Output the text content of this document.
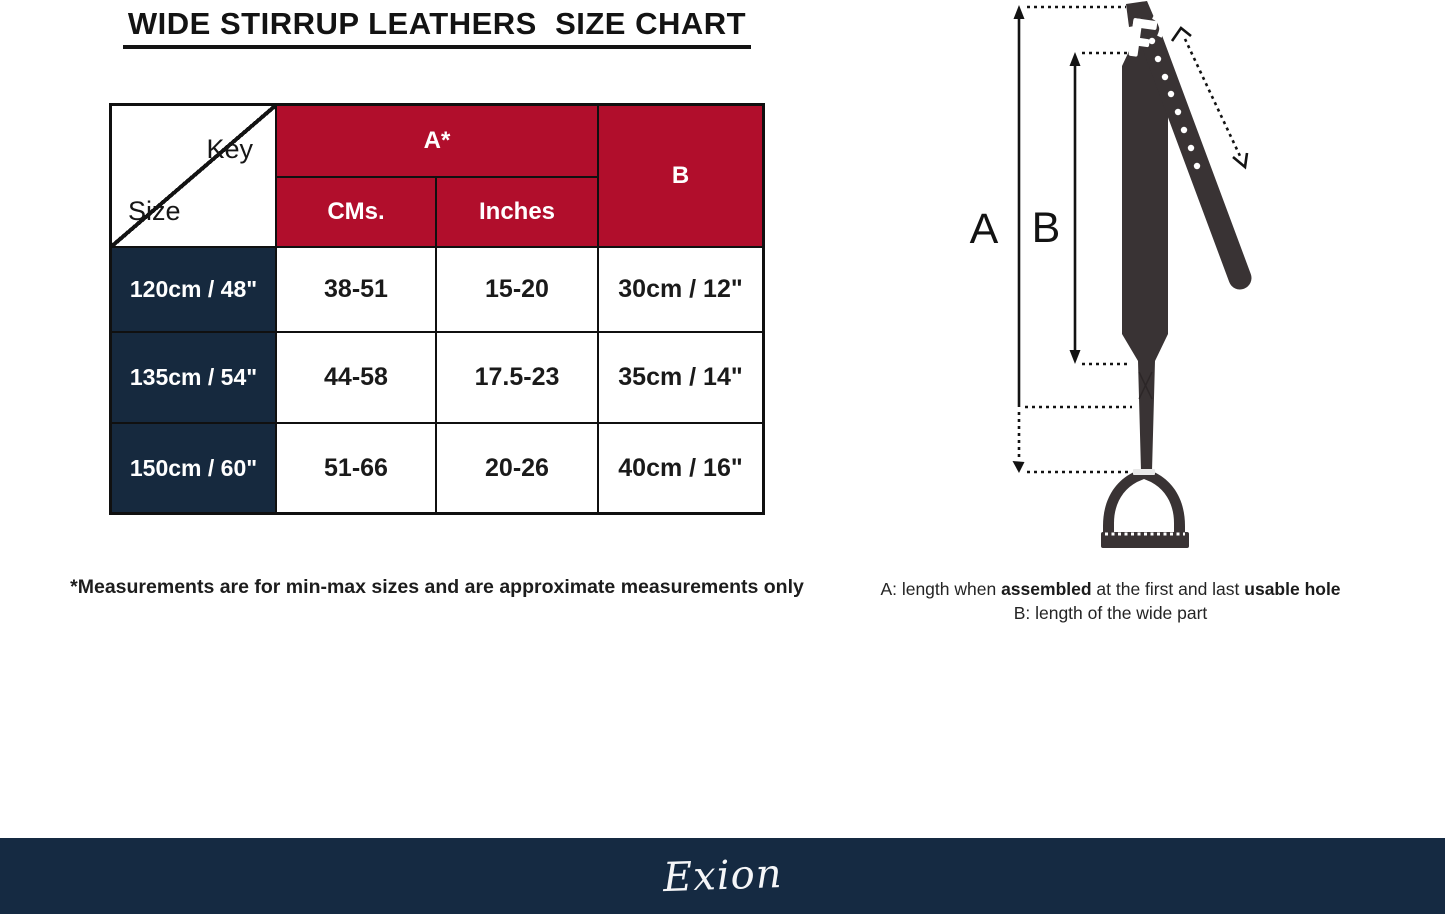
WIDE STIRRUP LEATHERS  SIZE CHART
Key
Size
A*
B
CMs.	Inches
120cm / 48"	38-51	15-20	30cm / 12"
135cm / 54"	44-58	17.5-23	35cm / 14"
150cm / 60"	51-66	20-26	40cm / 16"
*Measurements are for min-max sizes and are approximate measurements only
A B
A: length when assembled at the first and last usable hole
B: length of the wide part
Exion
